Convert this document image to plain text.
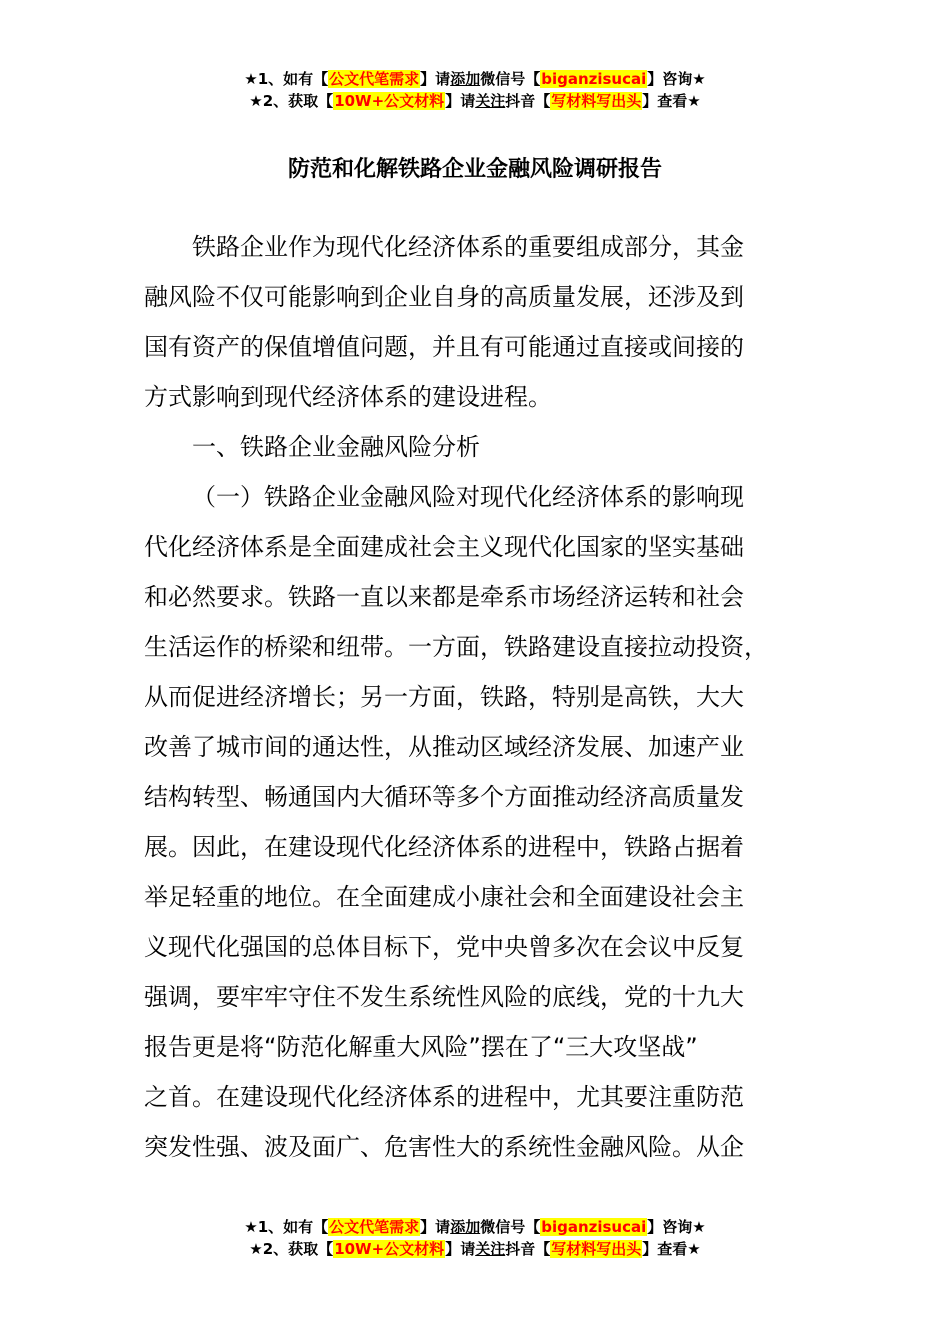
★1、如有【公文代笔需求】请添加微信号【biganzisucai】咨询★
★2、获取【10W+公文材料】请关注抖音【写材料写出头】查看★
防范和化解铁路企业金融风险调研报告
铁路企业作为现代化经济体系的重要组成部分，其金
融风险不仅可能影响到企业自身的高质量发展，还涉及到
国有资产的保值增值问题，并且有可能通过直接或间接的
方式影响到现代经济体系的建设进程。
一、铁路企业金融风险分析
（一）铁路企业金融风险对现代化经济体系的影响现
代化经济体系是全面建成社会主义现代化国家的坚实基础
和必然要求。铁路一直以来都是牵系市场经济运转和社会
生活运作的桥梁和纽带。一方面，铁路建设直接拉动投资，
从而促进经济增长；另一方面，铁路，特别是高铁，大大
改善了城市间的通达性，从推动区域经济发展、加速产业
结构转型、畅通国内大循环等多个方面推动经济高质量发
展。因此，在建设现代化经济体系的进程中，铁路占据着
举足轻重的地位。在全面建成小康社会和全面建设社会主
义现代化强国的总体目标下，党中央曾多次在会议中反复
强调，要牢牢守住不发生系统性风险的底线，党的十九大
报告更是将“防范化解重大风险”摆在了“三大攻坚战”
之首。在建设现代化经济体系的进程中，尤其要注重防范
突发性强、波及面广、危害性大的系统性金融风险。从企
★1、如有【公文代笔需求】请添加微信号【biganzisucai】咨询★
★2、获取【10W+公文材料】请关注抖音【写材料写出头】查看★
